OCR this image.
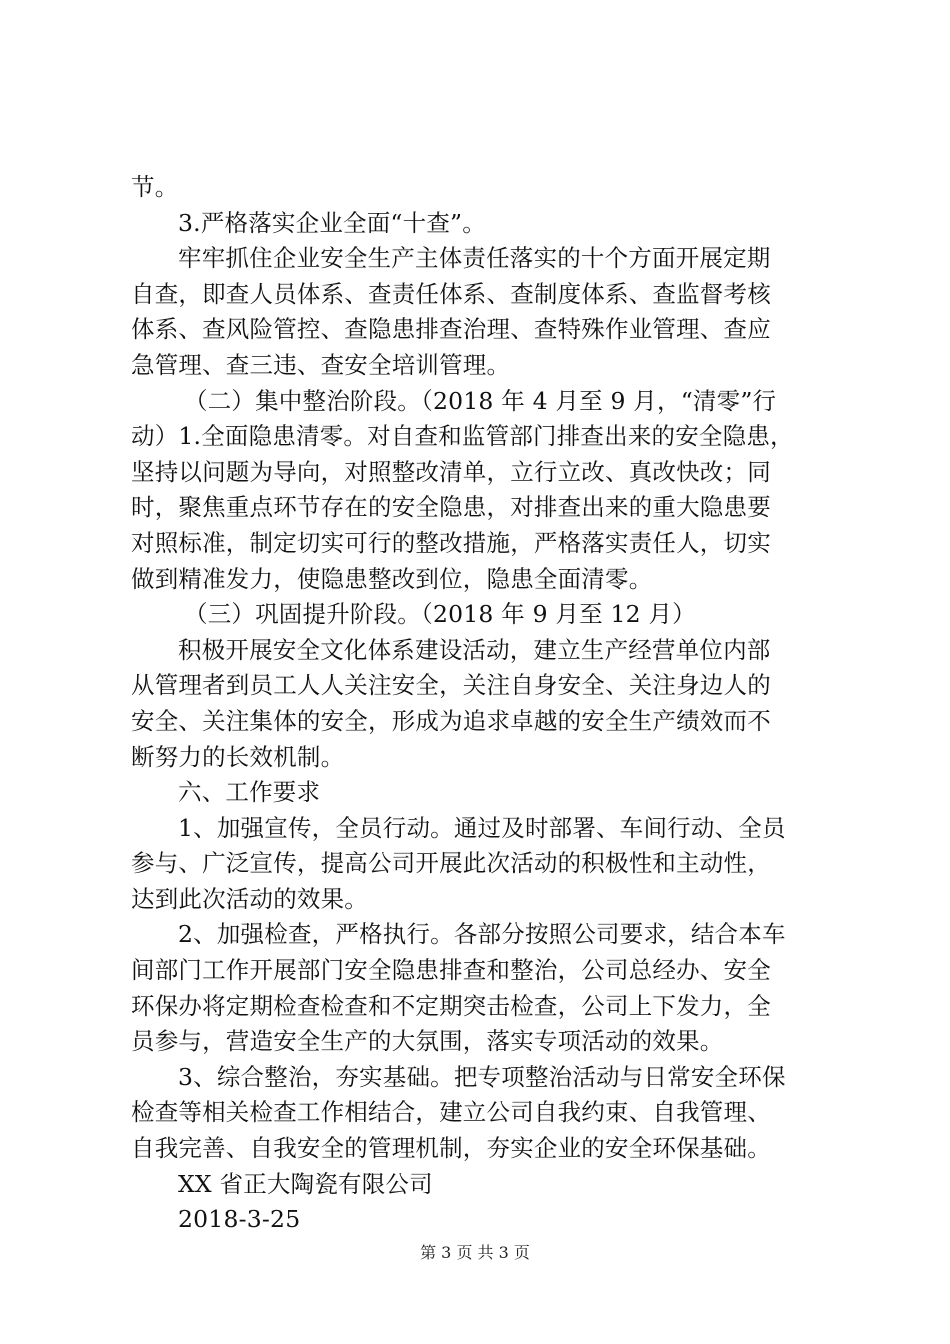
节。
3.严格落实企业全面“十查”。
牢牢抓住企业安全生产主体责任落实的十个方面开展定期
自查，即查人员体系、查责任体系、查制度体系、查监督考核
体系、查风险管控、查隐患排查治理、查特殊作业管理、查应
急管理、查三违、查安全培训管理。
（二）集中整治阶段。（2018 年 4 月至 9 月，“清零”行
动）1.全面隐患清零。对自查和监管部门排查出来的安全隐患，
坚持以问题为导向，对照整改清单，立行立改、真改快改；同
时，聚焦重点环节存在的安全隐患，对排查出来的重大隐患要
对照标准，制定切实可行的整改措施，严格落实责任人，切实
做到精准发力，使隐患整改到位，隐患全面清零。
（三）巩固提升阶段。（2018 年 9 月至 12 月）
积极开展安全文化体系建设活动，建立生产经营单位内部
从管理者到员工人人关注安全，关注自身安全、关注身边人的
安全、关注集体的安全，形成为追求卓越的安全生产绩效而不
断努力的长效机制。
六、工作要求
1、加强宣传，全员行动。通过及时部署、车间行动、全员
参与、广泛宣传，提高公司开展此次活动的积极性和主动性，
达到此次活动的效果。
2、加强检查，严格执行。各部分按照公司要求，结合本车
间部门工作开展部门安全隐患排查和整治，公司总经办、安全
环保办将定期检查检查和不定期突击检查，公司上下发力，全
员参与，营造安全生产的大氛围，落实专项活动的效果。
3、综合整治，夯实基础。把专项整治活动与日常安全环保
检查等相关检查工作相结合，建立公司自我约束、自我管理、
自我完善、自我安全的管理机制，夯实企业的安全环保基础。
XX 省正大陶瓷有限公司
2018-3-25
第 3 页 共 3 页
